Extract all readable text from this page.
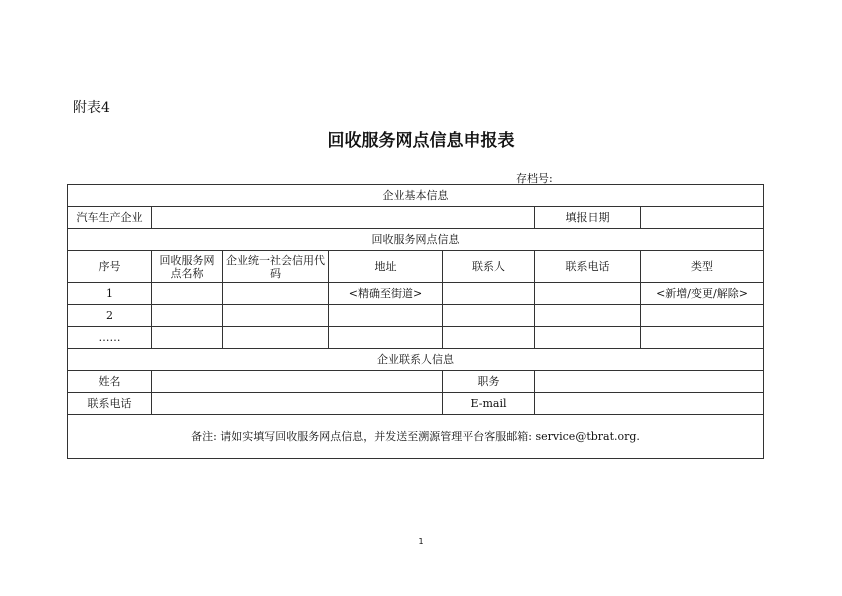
附表4
回收服务网点信息申报表
存档号:
企业基本信息						
汽车生产企业					填报日期	
回收服务网点信息						
序号	回收服务网点名称	企业统一社会信用代码	地址	联系人	联系电话	类型
1			<精确至街道>			<新增/变更/解除>
2						
……						
企业联系人信息						
姓名				职务		
联系电话				E-mail		
备注: 请如实填写回收服务网点信息，并发送至溯源管理平台客服邮箱: service@tbrat.org.						
1
